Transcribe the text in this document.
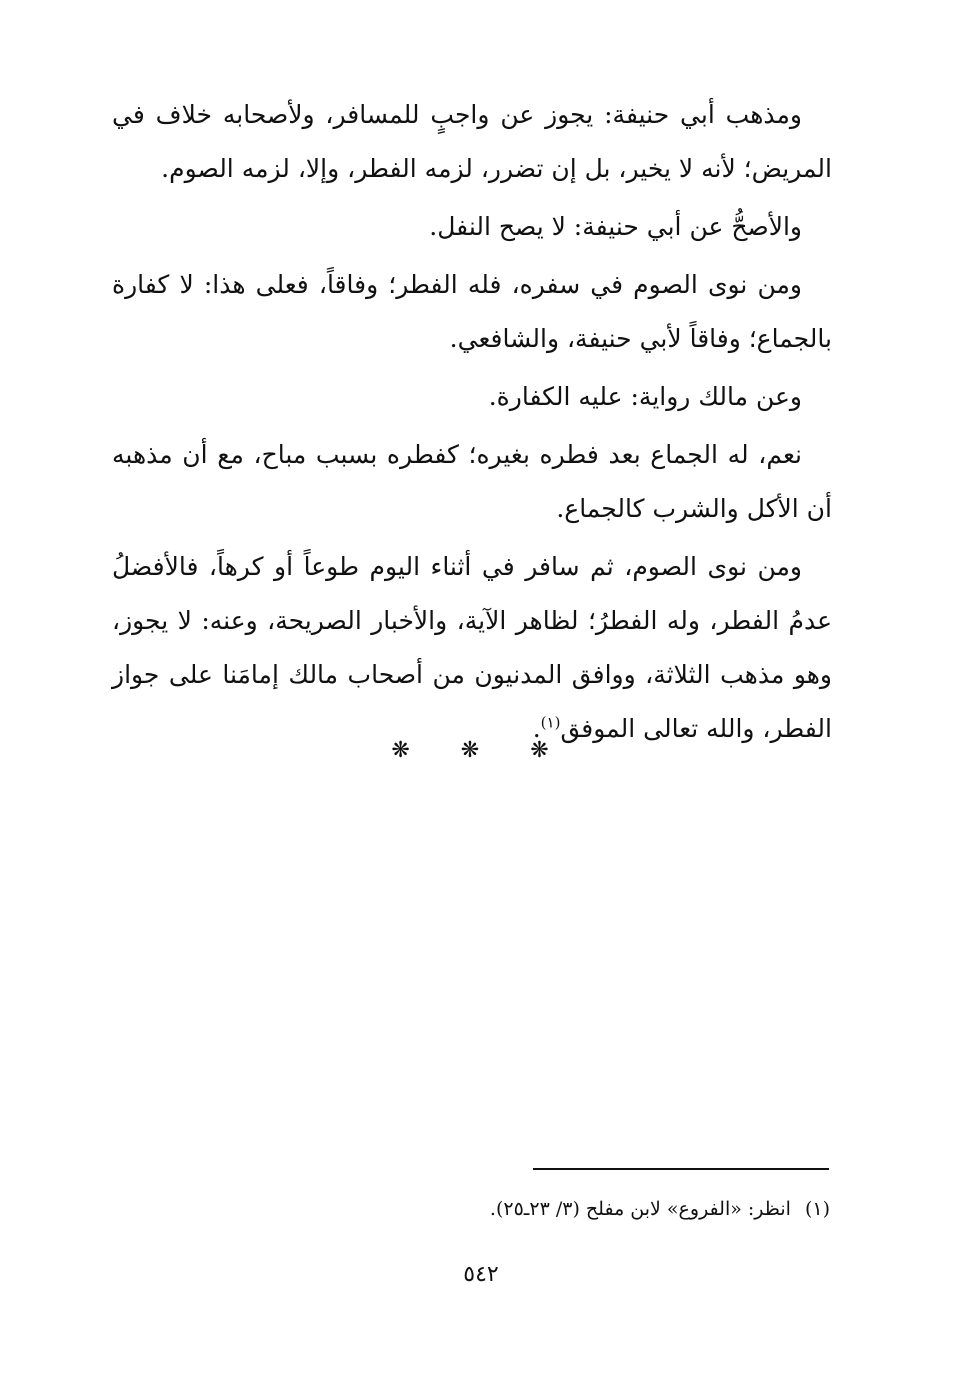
ومذهب أبي حنيفة: يجوز عن واجبٍ للمسافر، ولأصحابه خلاف في المريض؛ لأنه لا يخير، بل إن تضرر، لزمه الفطر، وإلا، لزمه الصوم.

والأصحُّ عن أبي حنيفة: لا يصح النفل.

ومن نوى الصوم في سفره، فله الفطر؛ وفاقاً، فعلى هذا: لا كفارة بالجماع؛ وفاقاً لأبي حنيفة، والشافعي.

وعن مالك رواية: عليه الكفارة.

نعم، له الجماع بعد فطره بغيره؛ كفطره بسبب مباح، مع أن مذهبه أن الأكل والشرب كالجماع.

ومن نوى الصوم، ثم سافر في أثناء اليوم طوعاً أو كرهاً، فالأفضلُ عدمُ الفطر، وله الفطرُ؛ لظاهر الآية، والأخبار الصريحة، وعنه: لا يجوز، وهو مذهب الثلاثة، ووافق المدنيون من أصحاب مالك إمامَنا على جواز الفطر، والله تعالى الموفق$^{(١)}$.

❋ ❋ ❋
(١)انظر: «الفروع» لابن مفلح (٣/ ٢٣ـ٢٥).
٥٤٢
